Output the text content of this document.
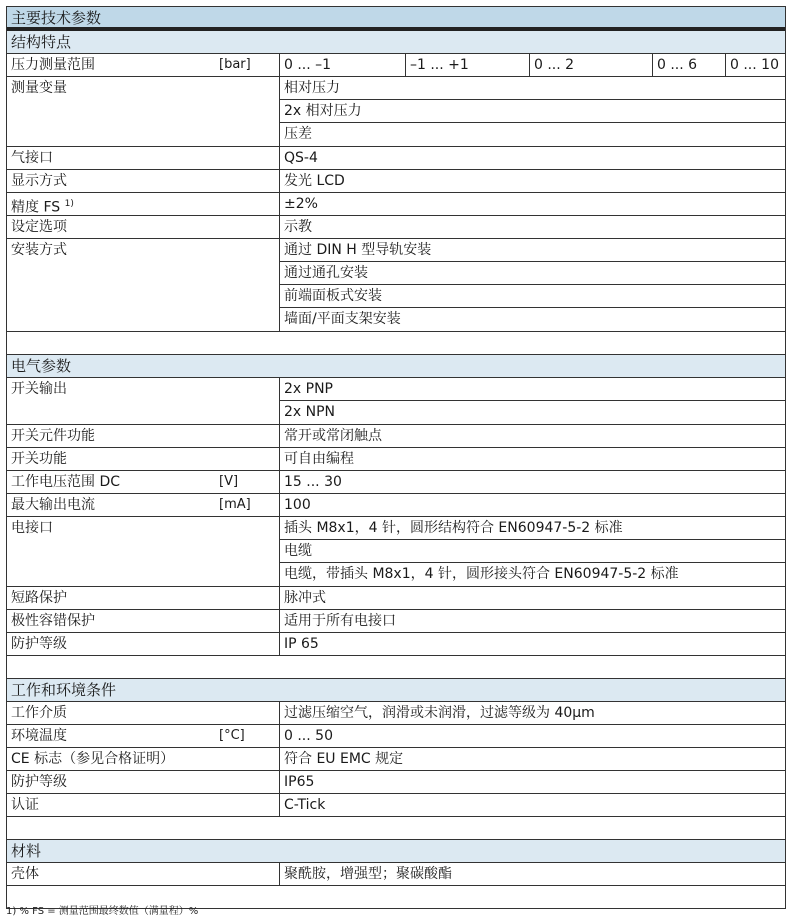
主要技术参数
结构特点
压力测量范围	[bar]	0 ... –1	–1 ... +1	0 ... 2	0 ... 6	0 ... 10
测量变量	相对压力
2x 相对压力
压差
气接口	QS-4
显示方式	发光 LCD
精度 FS $^{1)}$	±2%
设定选项	示教
安装方式	通过 DIN H 型导轨安装
通过通孔安装
前端面板式安装
墙面/平面支架安装
电气参数
开关输出	2x PNP
2x NPN
开关元件功能	常开或常闭触点
开关功能	可自由编程
工作电压范围 DC	[V]	15 ... 30
最大输出电流	[mA]	100
电接口	插头 M8x1，4 针，圆形结构符合 EN60947-5-2 标准
电缆
电缆，带插头 M8x1，4 针，圆形接头符合 EN60947-5-2 标准
短路保护	脉冲式
极性容错保护	适用于所有电接口
防护等级	IP 65
工作和环境条件
工作介质	过滤压缩空气，润滑或未润滑，过滤等级为 40µm
环境温度	[°C]	0 ... 50
CE 标志（参见合格证明）	符合 EU EMC 规定
防护等级	IP65
认证	C-Tick
材料
壳体	聚酰胺，增强型；聚碳酸酯
1) % FS = 测量范围最终数值（满量程）%
